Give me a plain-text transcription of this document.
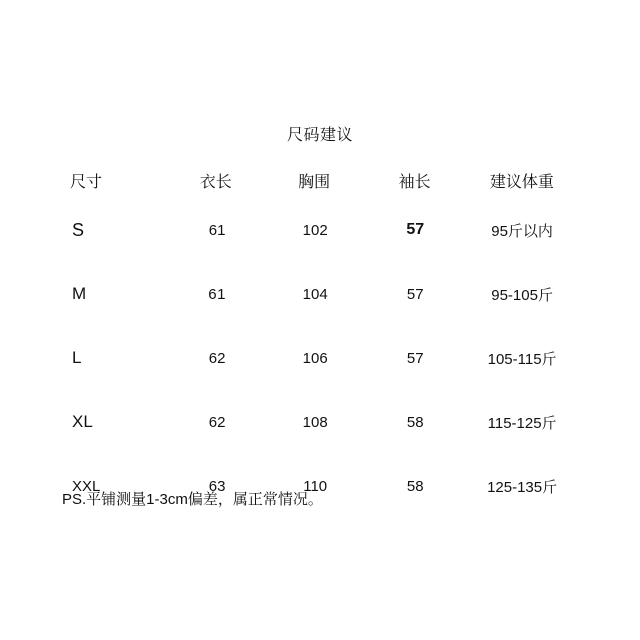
尺码建议
尺寸	衣长	胸围	袖长	建议体重
S	61	102	57	95斤以内
M	61	104	57	95-105斤
L	62	106	57	105-115斤
XL	62	108	58	115-125斤
XXL	63	110	58	125-135斤
PS.平铺测量1-3cm偏差，属正常情况。
